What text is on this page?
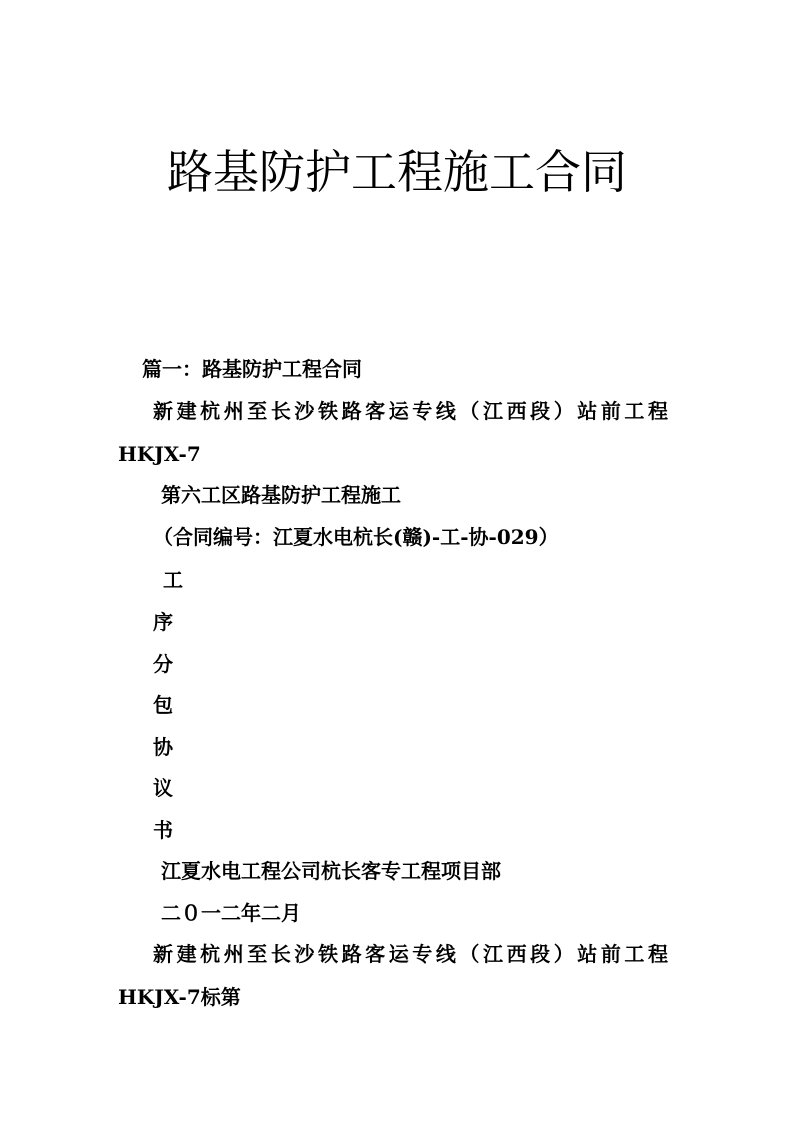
路基防护工程施工合同

篇一：路基防护工程合同

新建杭州至长沙铁路客运专线（江西段）站前工程

HKJX-7

第六工区路基防护工程施工

（合同编号：江夏水电杭长(赣)-工-协-029）

工

序

分

包

协

议

书

江夏水电工程公司杭长客专工程项目部

二０一二年二月

新建杭州至长沙铁路客运专线（江西段）站前工程

HKJX-7标第
